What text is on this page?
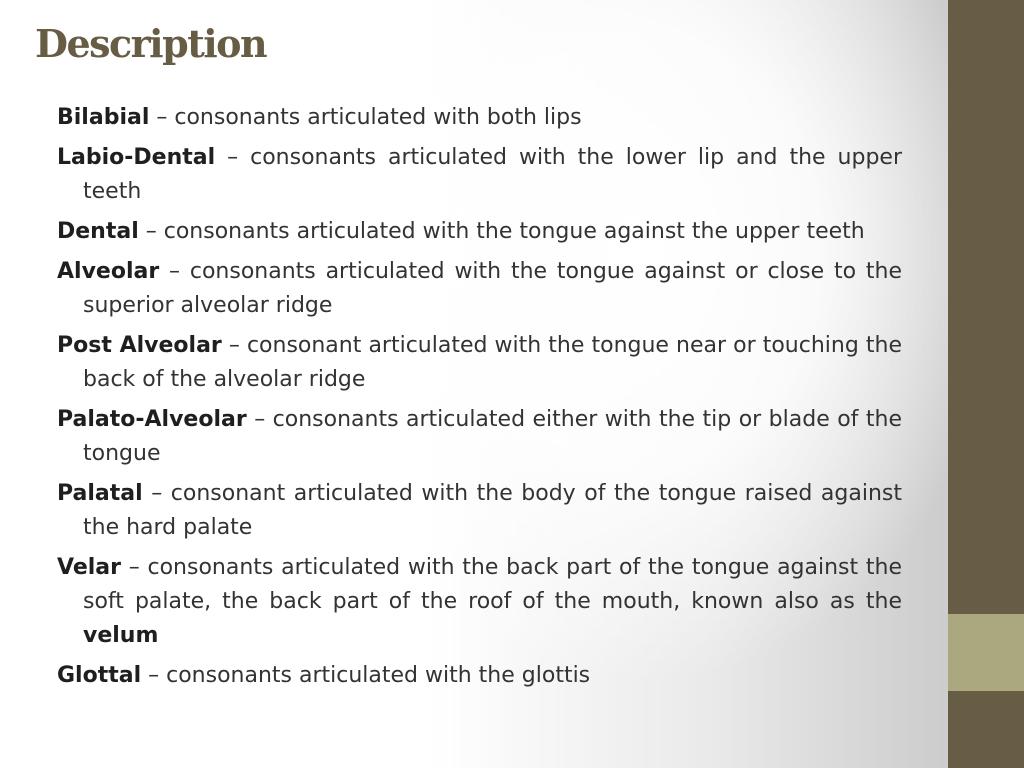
Description
Bilabial – consonants articulated with both lips
Labio-Dental – consonants articulated with the lower lip and the upper teeth
Dental – consonants articulated with the tongue against the upper teeth
Alveolar – consonants articulated with the tongue against or close to the superior alveolar ridge
Post Alveolar – consonant articulated with the tongue near or touching the back of the alveolar ridge
Palato-Alveolar – consonants articulated either with the tip or blade of the tongue
Palatal – consonant articulated with the body of the tongue raised against the hard palate
Velar – consonants articulated with the back part of the tongue against the soft palate, the back part of the roof of the mouth, known also as the velum
Glottal – consonants articulated with the glottis
